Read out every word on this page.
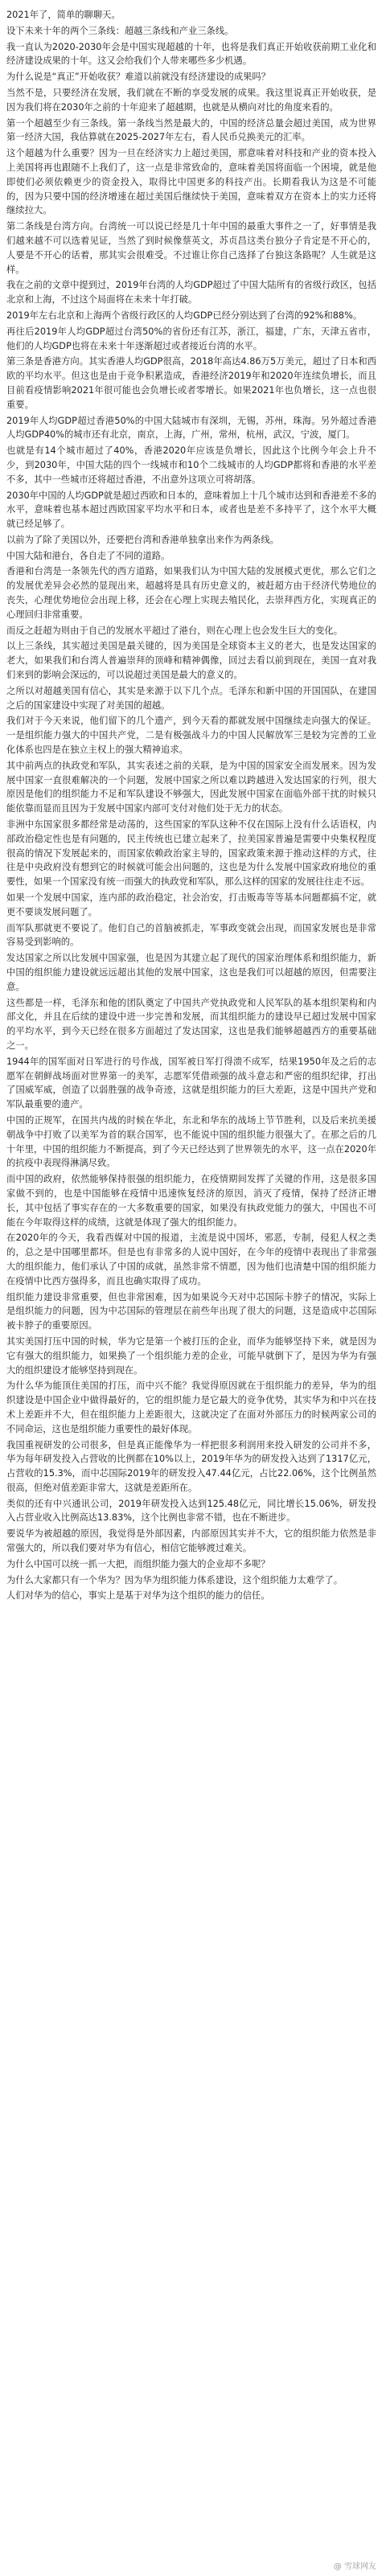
2021年了，简单的聊聊天。

设下未来十年的两个三条线：超越三条线和产业三条线。

我一直认为2020-2030年会是中国实现超越的十年，也将是我们真正开始收获前期工业化和经济建设成果的十年。这又会给我们个人带来哪些多少机遇。

为什么说是“真正”开始收获？难道以前就没有经济建设的成果吗？

当然不是，只要经济在发展，我们就在不断的享受发展的成果。我这里说真正开始收获，是因为我们将在2030年之前的十年迎来了超越期，也就是从横向对比的角度来看的。

第一个超越至少有三条线。第一条线当然是最大的，中国的经济总量会超过美国，成为世界第一经济大国，我估算就在2025-2027年左右，看人民币兑换美元的汇率。

这个超越为什么重要？因为一旦在经济实力上超过美国，那意味着对科技和产业的资本投入上美国将再也跟随不上我们了，这一点是非常致命的，意味着美国将面临一个困境，就是他即使们必须依赖更少的资金投入，取得比中国更多的科技产出。长期看我认为这是不可能的，因为只要中国的经济增速在超过美国后继续快于美国，意味着双方在资本上的实力还将继续拉大。

第二条线是台湾方向。台湾统一可以说已经是几十年中国的最重大事件之一了，好事情是我们越来越不可以选着见证，当然了到时候像蔡英文，苏贞昌这类台独分子肯定是不开心的，人要是不开心的话着，那其实会很难受。不过谁让你自己选择了台独这条路呢？人生就是这样。

我在之前的文章中提到过，2019年台湾的人均GDP超过了中国大陆所有的省级行政区，包括北京和上海，不过这个局面将在未来十年打破。

2019年左右北京和上海两个省级行政区的人均GDP已经分别达到了台湾的92%和88%。

再往后2019年人均GDP超过台湾50%的省份还有江苏，浙江，福建，广东，天津五省市，他们的人均GDP也将在未来十年逐渐超过或者接近台湾的水平。

第三条是香港方向。其实香港人均GDP很高，2018年高达4.86万5万美元，超过了日本和西欧的平均水平。但这也是由于竞争积累造成，香港经济2019年和2020年连续负增长，而且目前看疫情影响2021年很可能也会负增长或者零增长。如果2021年也负增长，这一点也很重要。

2019年人均GDP超过香港50%的中国大陆城市有深圳，无锡，苏州，珠海。另外超过香港人均GDP40%的城市还有北京，南京，上海，广州，常州，杭州，武汉，宁波，厦门。

也就是有14个城市超过了40%，香港2020年应该是负增长，因此这个比例今年会上升不少，到2030年，中国大陆的四个一线城市和10个二线城市的人均GDP都将和香港的水平差不多，其中一些城市还将超过香港，不出意外这项立可将胡落。

2030年中国的人均GDP就是超过西欧和日本的，意味着加上十几个城市达到和香港差不多的水平，意味着也基本超过西欧国家平均水平和日本，或者也是差不多持平了，这个水平大概就已经足够了。

以前为了除了美国以外，还要把台湾和香港单独拿出来作为两条线。

中国大陆和港台，各自走了不同的道路。

香港和台湾是一条领先代的西方道路，如果我们认为中国大陆的发展模式更优，那么它们之的发展优差异会必然的显现出来，超越将是具有历史意义的，被赶超方由于经济代势地位的丧失，心理优势地位会出现上移，还会在心理上实现去殖民化，去崇拜西方化，实现真正的心理回归非常重要。

而反之赶超为则由于自己的发展水平超过了港台，则在心理上也会发生巨大的变化。

以上三条线，其实超过美国是最关键的，因为美国是全球资本主义的老大，也是发达国家的老大，如果我们和台湾人普遍崇拜的顶峰和精神偶像，回过去看以前到现在，美国一直对我们来到的影响会深远的，可以说超过美国是最大的意义的。

之所以对超越美国有信心，其实是来源于以下几个点。毛泽东和新中国的开国国队，在建国之后的国家建设中实现了对美国的超越。

我们对于今天来说，他们留下的几个遗产，到今天看的都就发展中国继续走向强大的保证。一是组织能力强大的中国共产党，二是有极强战斗力的中国人民解放军三是较为完善的工业化体系也四是在独立主权上的强大精神追求。

其中前两点的执政党和军队，其实表述之前的关联，是为中国的国家安全而发展来。因为发展中国家一直很难解决的一个问题，发展中国家之所以难以跨越进入发达国家的行列，很大原因是他们的组织能力不足和军队建设不够强大，因此发展中国家在面临外部干扰的时候只能依靠而显而且因为于发展中国家内部可支付对他们处于无力的状态。

非洲中东国家很多都经常是动荡的，这些国家的军队这种不仅在国际上没有什么话语权，内部政治稳定性也是有问题的，民主传统也已建立起来了，拉美国家普遍是需要中央集权程度很高的情况下发展起来的，而国家依赖政治家主导的，国家政策来源于推动这样的方式，往往是中央政府没有想到它的时候就可能会出问题的，这也是为什么发展中国家政府地位的重要性，如果一个国家没有统一而强大的执政党和军队，那么这样的国家的发展往往走不远。

如果一个发展中国家，连内部的政治稳定，社会治安，打击贩毒等等基本问题都搞不定，就更不要谈发展问题了。

而军队那就更不要说了。他们自己的首脑被抓走，军事政变就会出现，而国家发展也是非常容易受到影响的。

发达国家之所以比发展中国家强，也是因为其建立起了现代的国家治理体系和组织能力，新中国的组织能力建设就远远超出其他的发展中国家，这也是我们可以超越的原因，但需要注意。

这些都是一样，毛泽东和他的团队奠定了中国共产党执政党和人民军队的基本组织架构和内部文化，并且在后续的建设中进一步完善和发展，而其组织能力的建设早已超过发展中国家的平均水平，到今天已经在很多方面超过了发达国家，这也是我们能够超越西方的重要基础之一。

1944年的国军面对日军进行的号作战，国军被日军打得溃不成军，结果1950年及之后的志愿军在朝鲜战场面对世界第一的美军，志愿军凭借顽强的战斗意志和严密的组织纪律，打出了国威军威，创造了以弱胜强的战争奇迹，这就是组织能力的巨大差距，这是中国共产党和军队最重要的遗产。

中国的正规军，在国共内战的时候在华北，东北和华东的战场上节节胜利，以及后来抗美援朝战争中打败了以美军为首的联合国军，也不能说中国的组织能力很强大了。在那之后的几十年里，中国的组织能力不断提高，到了今天已经达到了世界领先的水平，这一点在2020年的抗疫中表现得淋漓尽致。

而中国的政府，依然能够保持很强的组织能力，在疫情期间发挥了关键的作用，这是很多国家做不到的，也是中国能够在疫情中迅速恢复经济的原因，消灭了疫情，保持了经济正增长，其中包括了事实存在的一大多数重要的国家，如果没有执政党能力的强大，中国也不可能在今年取得这样的成绩，这就是体现了强大的组织能力。

在2020年的今天，我看西媒对中国的报道，主流是说中国坏，邪恶，专制，侵犯人权之类的，总之是中国哪里都坏。但是也有非常多的人说中国好，在今年的疫情中表现出了非常强大的组织能力，他们承认了中国的成就，虽然非常不情愿，因为他们也清楚中国的组织能力在疫情中比西方强得多，而且也确实取得了成功。

组织能力建设非常重要，但也非常困难，因为如果说今天对中芯国际卡脖子的情况，实际上是组织能力的问题，因为中芯国际的管理层在前些年出现了很大的问题，这是造成中芯国际被卡脖子的重要原因。

其实美国打压中国的时候，华为它是第一个被打压的企业，而华为能够坚持下来，就是因为它有强大的组织能力，如果换了一个组织能力差的企业，可能早就倒下了，是因为华为有强大的组织建设才能够坚持到现在。

为什么华为能顶住美国的打压，而中兴不能？我觉得原因就在于组织能力的差异，华为的组织建设是中国企业中做得最好的，它的组织能力是它最大的竞争优势，其实华为和中兴在技术上差距并不大，但在组织能力上差距很大，这就决定了在面对外部压力的时候两家公司的不同命运，这也是组织能力重要性的最好体现。

我国重视研发的公司很多，但是真正能像华为一样把很多利润用来投入研发的公司并不多，华为每年研发投入占营收的比例都在10%以上，2019年华为的研发投入达到了1317亿元，占营收的15.3%，而中芯国际2019年的研发投入47.44亿元，占比22.06%，这个比例虽然很高，但绝对值差距非常大，这就是差距所在。

类似的还有中兴通讯公司，2019年研发投入达到125.48亿元，同比增长15.06%，研发投入占营业收入比例高达13.83%，这个比例也非常不错，也在不断进步。

要说华为被超越的原因，我觉得是外部因素，内部原因其实并不大，它的组织能力依然是非常强大的，所以我们要对华为有信心，相信它能够渡过难关。

为什么中国可以统一抓一大把，而组织能力强大的企业却不多呢？

为什么大家都只有一个华为？因为华为组织能力体系建设，这个组织能力太难学了。

人们对华为的信心，事实上是基于对华为这个组织的能力的信任。

@ 雪球网友
